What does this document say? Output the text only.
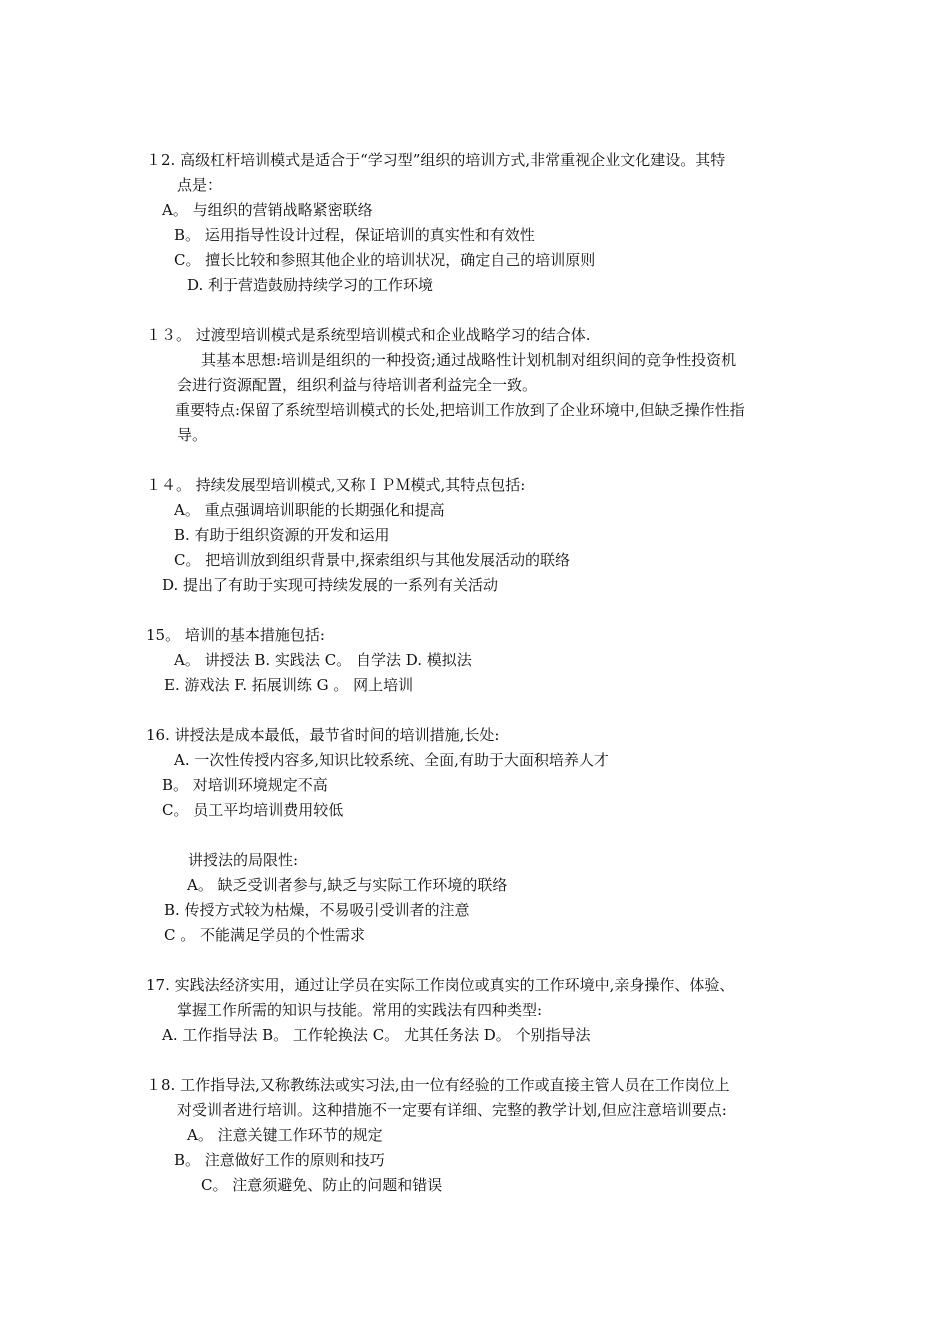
１2. 高级杠杆培训模式是适合于“学习型”组织的培训方式,非常重视企业文化建设。其特
点是：
A。 与组织的营销战略紧密联络
B。 运用指导性设计过程，保证培训的真实性和有效性
C。 擅长比较和参照其他企业的培训状况，确定自己的培训原则
D. 利于营造鼓励持续学习的工作环境
１３。 过渡型培训模式是系统型培训模式和企业战略学习的结合体.
其基本思想:培训是组织的一种投资;通过战略性计划机制对组织间的竞争性投资机
会进行资源配置，组织利益与待培训者利益完全一致。
重要特点:保留了系统型培训模式的长处,把培训工作放到了企业环境中,但缺乏操作性指
导。
１４。 持续发展型培训模式,又称ＩＰＭ模式,其特点包括:
A。 重点强调培训职能的长期强化和提高
B. 有助于组织资源的开发和运用
C。 把培训放到组织背景中,探索组织与其他发展活动的联络
D. 提出了有助于实现可持续发展的一系列有关活动
15。 培训的基本措施包括:
A。 讲授法 B. 实践法 C。 自学法 D. 模拟法
E. 游戏法 F. 拓展训练 G 。 网上培训
16. 讲授法是成本最低，最节省时间的培训措施,长处:
A. 一次性传授内容多,知识比较系统、全面,有助于大面积培养人才
B。 对培训环境规定不高
C。 员工平均培训费用较低
讲授法的局限性:
A。 缺乏受训者参与,缺乏与实际工作环境的联络
B. 传授方式较为枯燥，不易吸引受训者的注意
C 。 不能满足学员的个性需求
17. 实践法经济实用，通过让学员在实际工作岗位或真实的工作环境中,亲身操作、体验、
掌握工作所需的知识与技能。常用的实践法有四种类型:
A. 工作指导法 B。 工作轮换法 C。 尤其任务法 D。 个别指导法
１8. 工作指导法,又称教练法或实习法,由一位有经验的工作或直接主管人员在工作岗位上
对受训者进行培训。这种措施不一定要有详细、完整的教学计划,但应注意培训要点:
A。 注意关键工作环节的规定
B。 注意做好工作的原则和技巧
C。 注意须避免、防止的问题和错误
